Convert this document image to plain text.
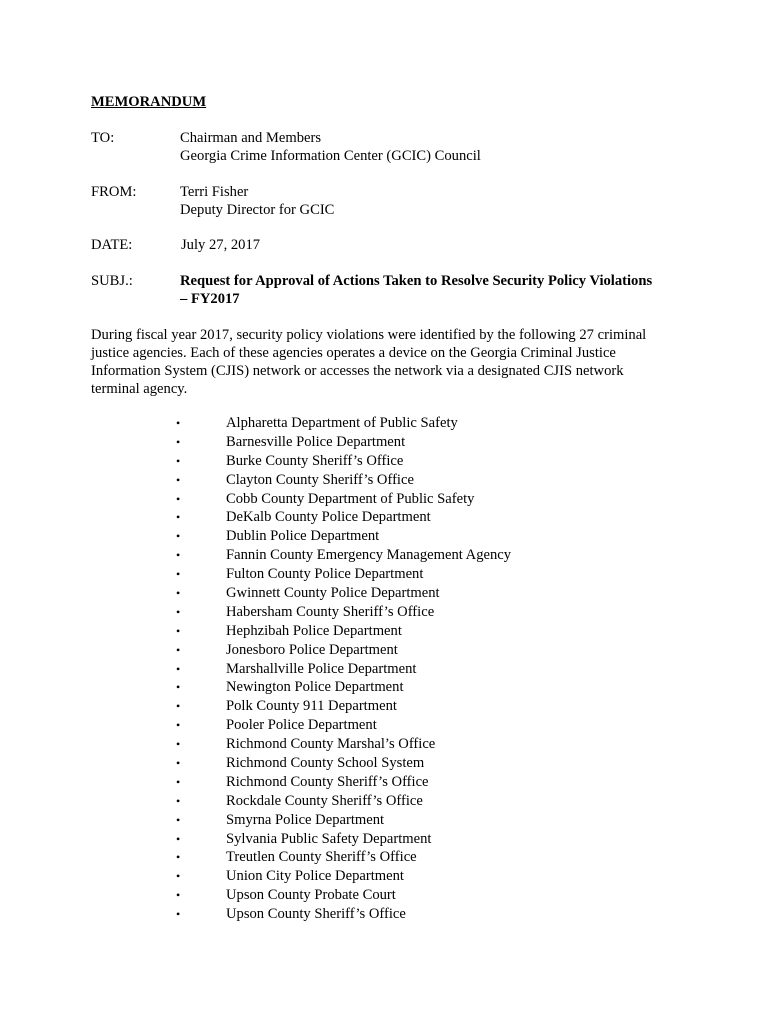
MEMORANDUM
TO:	Chairman and Members
Georgia Crime Information Center (GCIC) Council
FROM:	Terri Fisher
Deputy Director for GCIC
DATE:	July 27, 2017
SUBJ.:	Request for Approval of Actions Taken to Resolve Security Policy Violations
– FY2017
During fiscal year 2017, security policy violations were identified by the following 27 criminal
justice agencies. Each of these agencies operates a device on the Georgia Criminal Justice
Information System (CJIS) network or accesses the network via a designated CJIS network
terminal agency.
•	Alpharetta Department of Public Safety
•	Barnesville Police Department
•	Burke County Sheriff’s Office
•	Clayton County Sheriff’s Office
•	Cobb County Department of Public Safety
•	DeKalb County Police Department
•	Dublin Police Department
•	Fannin County Emergency Management Agency
•	Fulton County Police Department
•	Gwinnett County Police Department
•	Habersham County Sheriff’s Office
•	Hephzibah Police Department
•	Jonesboro Police Department
•	Marshallville Police Department
•	Newington Police Department
•	Polk County 911 Department
•	Pooler Police Department
•	Richmond County Marshal’s Office
•	Richmond County School System
•	Richmond County Sheriff’s Office
•	Rockdale County Sheriff’s Office
•	Smyrna Police Department
•	Sylvania Public Safety Department
•	Treutlen County Sheriff’s Office
•	Union City Police Department
•	Upson County Probate Court
•	Upson County Sheriff’s Office
